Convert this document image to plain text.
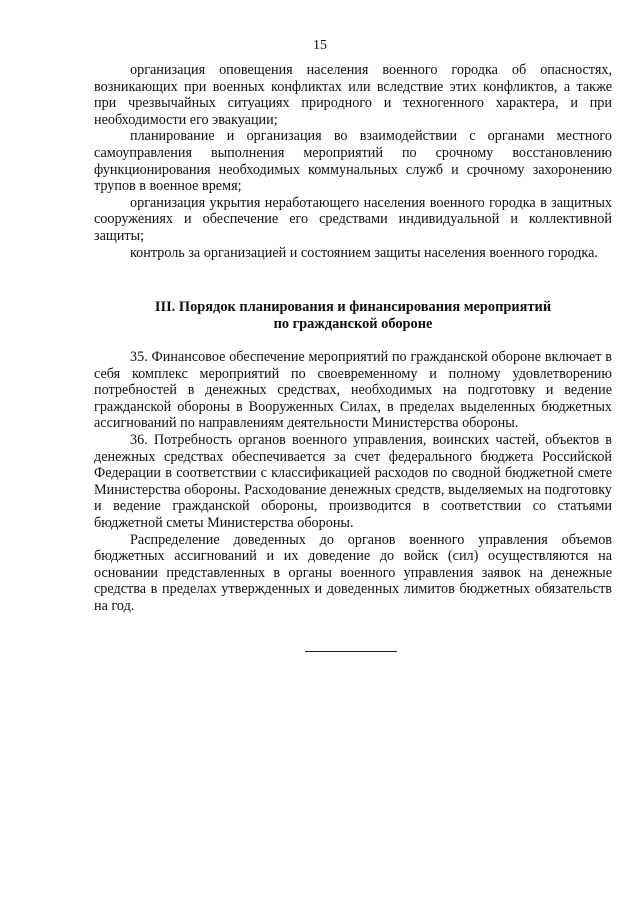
15

организация оповещения населения военного городка об опасностях, возникающих при военных конфликтах или вследствие этих конфликтов, а также при чрезвычайных ситуациях природного и техногенного характера, и при необходимости его эвакуации;

планирование и организация во взаимодействии с органами местного самоуправления выполнения мероприятий по срочному восстановлению функционирования необходимых коммунальных служб и срочному захоронению трупов в военное время;

организация укрытия неработающего населения военного городка в защитных сооружениях и обеспечение его средствами индивидуальной и коллективной защиты;

контроль за организацией и состоянием защиты населения военного городка.

III. Порядок планирования и финансирования мероприятий
по гражданской обороне

35. Финансовое обеспечение мероприятий по гражданской обороне включает в себя комплекс мероприятий по своевременному и полному удовлетворению потребностей в денежных средствах, необходимых на подготовку и ведение гражданской обороны в Вооруженных Силах, в пределах выделенных бюджетных ассигнований по направлениям деятельности Министерства обороны.

36. Потребность органов военного управления, воинских частей, объектов в денежных средствах обеспечивается за счет федерального бюджета Российской Федерации в соответствии с классификацией расходов по сводной бюджетной смете Министерства обороны. Расходование денежных средств, выделяемых на подготовку и ведение гражданской обороны, производится в соответствии со статьями бюджетной сметы Министерства обороны.

Распределение доведенных до органов военного управления объемов бюджетных ассигнований и их доведение до войск (сил) осуществляются на основании представленных в органы военного управления заявок на денежные средства в пределах утвержденных и доведенных лимитов бюджетных обязательств на год.
